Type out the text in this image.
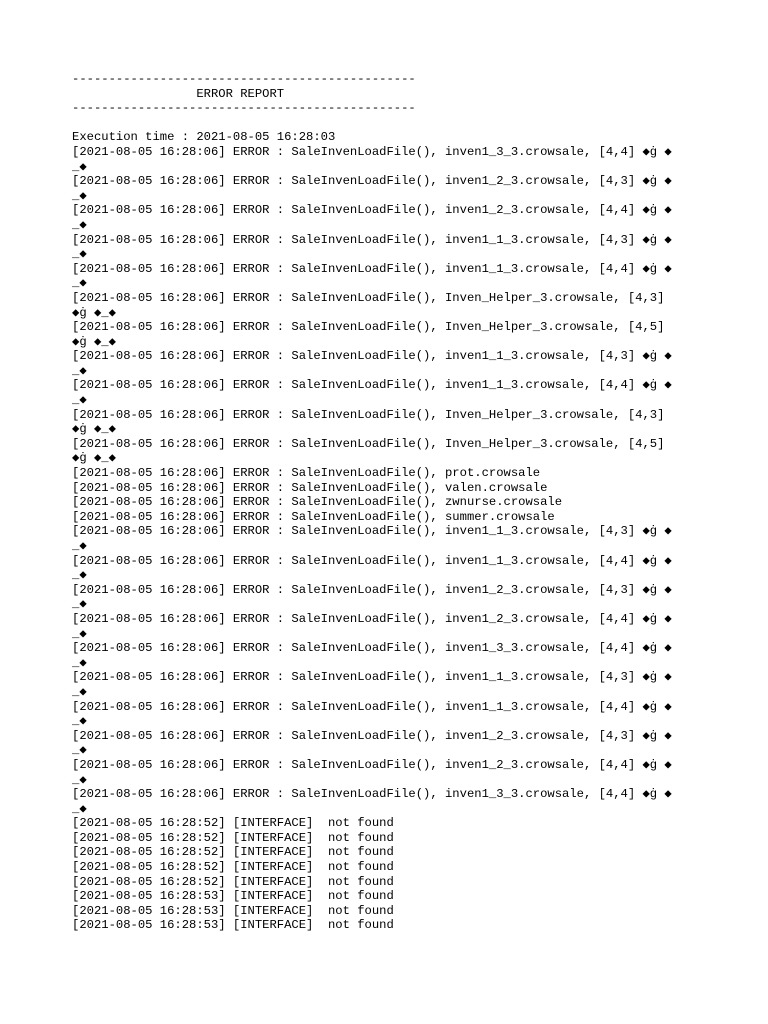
-----------------------------------------------
ERROR REPORT
-----------------------------------------------
Execution time : 2021-08-05 16:28:03
[2021-08-05 16:28:06] ERROR : SaleInvenLoadFile(), inven1_3_3.crowsale, [4,4] ◆ġ ◆
_◆
[2021-08-05 16:28:06] ERROR : SaleInvenLoadFile(), inven1_2_3.crowsale, [4,3] ◆ġ ◆
_◆
[2021-08-05 16:28:06] ERROR : SaleInvenLoadFile(), inven1_2_3.crowsale, [4,4] ◆ġ ◆
_◆
[2021-08-05 16:28:06] ERROR : SaleInvenLoadFile(), inven1_1_3.crowsale, [4,3] ◆ġ ◆
_◆
[2021-08-05 16:28:06] ERROR : SaleInvenLoadFile(), inven1_1_3.crowsale, [4,4] ◆ġ ◆
_◆
[2021-08-05 16:28:06] ERROR : SaleInvenLoadFile(), Inven_Helper_3.crowsale, [4,3]
◆ġ ◆_◆
[2021-08-05 16:28:06] ERROR : SaleInvenLoadFile(), Inven_Helper_3.crowsale, [4,5]
◆ġ ◆_◆
[2021-08-05 16:28:06] ERROR : SaleInvenLoadFile(), inven1_1_3.crowsale, [4,3] ◆ġ ◆
_◆
[2021-08-05 16:28:06] ERROR : SaleInvenLoadFile(), inven1_1_3.crowsale, [4,4] ◆ġ ◆
_◆
[2021-08-05 16:28:06] ERROR : SaleInvenLoadFile(), Inven_Helper_3.crowsale, [4,3]
◆ġ ◆_◆
[2021-08-05 16:28:06] ERROR : SaleInvenLoadFile(), Inven_Helper_3.crowsale, [4,5]
◆ġ ◆_◆
[2021-08-05 16:28:06] ERROR : SaleInvenLoadFile(), prot.crowsale
[2021-08-05 16:28:06] ERROR : SaleInvenLoadFile(), valen.crowsale
[2021-08-05 16:28:06] ERROR : SaleInvenLoadFile(), zwnurse.crowsale
[2021-08-05 16:28:06] ERROR : SaleInvenLoadFile(), summer.crowsale
[2021-08-05 16:28:06] ERROR : SaleInvenLoadFile(), inven1_1_3.crowsale, [4,3] ◆ġ ◆
_◆
[2021-08-05 16:28:06] ERROR : SaleInvenLoadFile(), inven1_1_3.crowsale, [4,4] ◆ġ ◆
_◆
[2021-08-05 16:28:06] ERROR : SaleInvenLoadFile(), inven1_2_3.crowsale, [4,3] ◆ġ ◆
_◆
[2021-08-05 16:28:06] ERROR : SaleInvenLoadFile(), inven1_2_3.crowsale, [4,4] ◆ġ ◆
_◆
[2021-08-05 16:28:06] ERROR : SaleInvenLoadFile(), inven1_3_3.crowsale, [4,4] ◆ġ ◆
_◆
[2021-08-05 16:28:06] ERROR : SaleInvenLoadFile(), inven1_1_3.crowsale, [4,3] ◆ġ ◆
_◆
[2021-08-05 16:28:06] ERROR : SaleInvenLoadFile(), inven1_1_3.crowsale, [4,4] ◆ġ ◆
_◆
[2021-08-05 16:28:06] ERROR : SaleInvenLoadFile(), inven1_2_3.crowsale, [4,3] ◆ġ ◆
_◆
[2021-08-05 16:28:06] ERROR : SaleInvenLoadFile(), inven1_2_3.crowsale, [4,4] ◆ġ ◆
_◆
[2021-08-05 16:28:06] ERROR : SaleInvenLoadFile(), inven1_3_3.crowsale, [4,4] ◆ġ ◆
_◆
[2021-08-05 16:28:52] [INTERFACE]  not found
[2021-08-05 16:28:52] [INTERFACE]  not found
[2021-08-05 16:28:52] [INTERFACE]  not found
[2021-08-05 16:28:52] [INTERFACE]  not found
[2021-08-05 16:28:52] [INTERFACE]  not found
[2021-08-05 16:28:53] [INTERFACE]  not found
[2021-08-05 16:28:53] [INTERFACE]  not found
[2021-08-05 16:28:53] [INTERFACE]  not found
